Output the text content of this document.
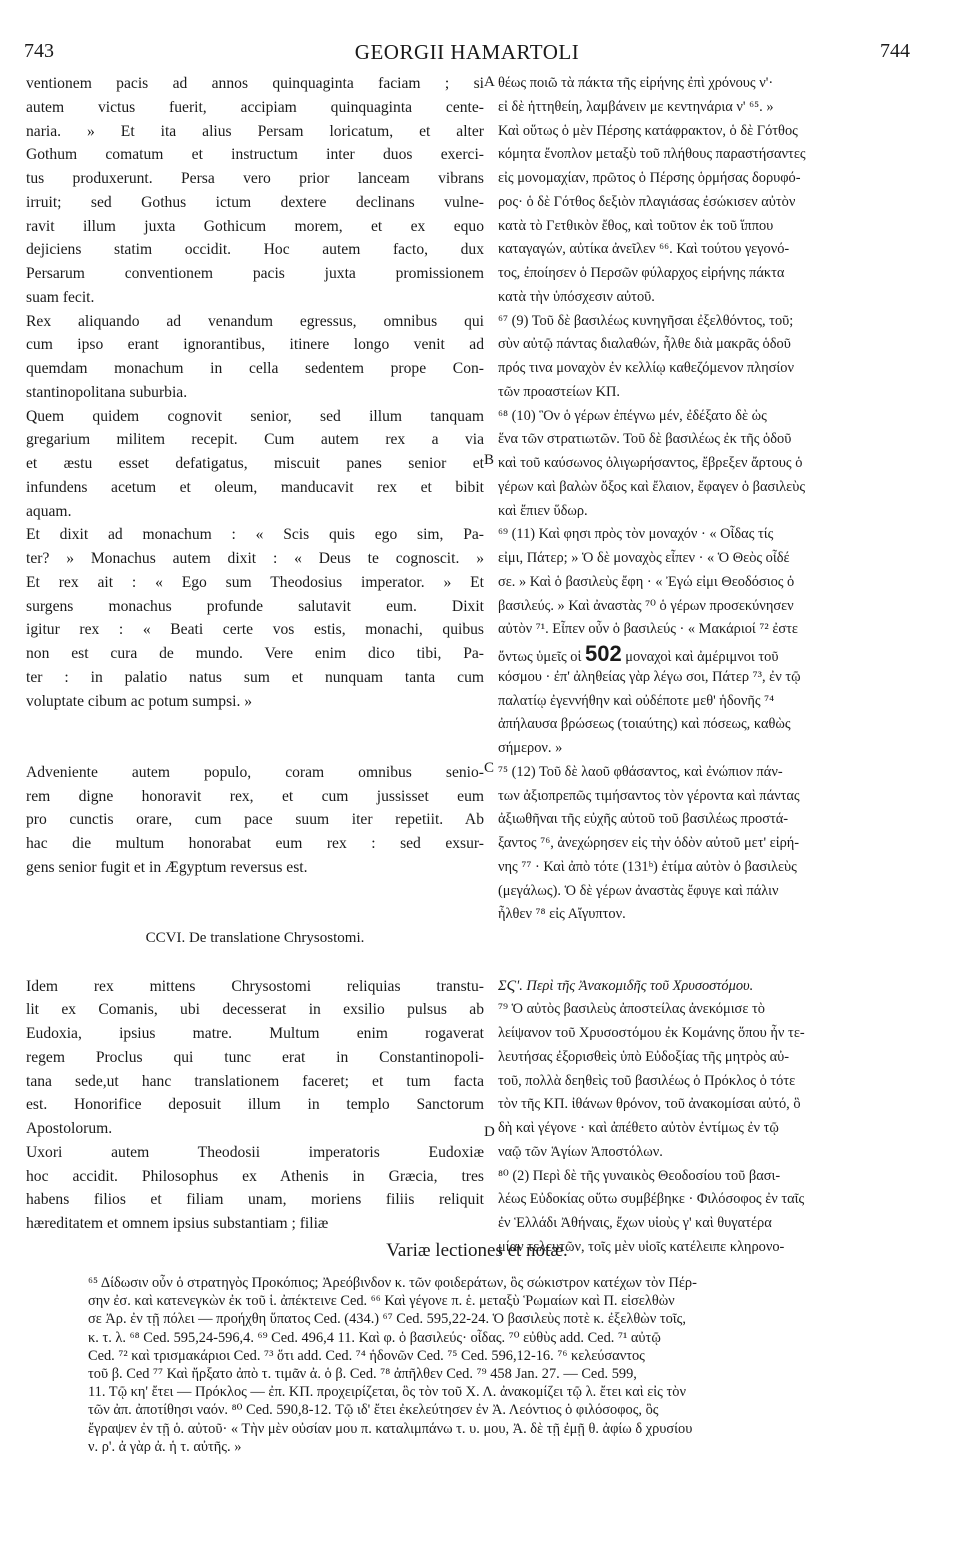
743	GEORGII HAMARTOLI	744
ventionem pacis ad annos quinquaginta faciam ; si
autem victus fuerit, accipiam quinquaginta cente-
naria. » Et ita alius Persam loricatum, et alter
Gothum comatum et instructum inter duos exerci-
tus produxerunt. Persa vero prior lanceam vibrans
irruit; sed Gothus ictum dextere declinans vulne-
ravit illum juxta Gothicum morem, et ex equo
dejiciens statim occidit. Hoc autem facto, dux
Persarum conventionem pacis juxta promissionem
suam fecit.
Rex aliquando ad venandum egressus, omnibus qui
cum ipso erant ignorantibus, itinere longo venit ad
quemdam monachum in cella sedentem prope Con-
stantinopolitana suburbia.
Quem quidem cognovit senior, sed illum tanquam
gregarium militem recepit. Cum autem rex a via
et æstu esset defatigatus, miscuit panes senior et
infundens acetum et oleum, manducavit rex et bibit
aquam.
Et dixit ad monachum : « Scis quis ego sim, Pa-
ter? » Monachus autem dixit : « Deus te cognoscit. »
Et rex ait : « Ego sum Theodosius imperator. » Et
surgens monachus profunde salutavit eum. Dixit
igitur rex : « Beati certe vos estis, monachi, quibus
non est cura de mundo. Vere enim dico tibi, Pa-
ter : in palatio natus sum et nunquam tanta cum
voluptate cibum ac potum sumpsi. »
Adveniente autem populo, coram omnibus senio-
rem digne honoravit rex, et cum jussisset eum
pro cunctis orare, cum pace suum iter repetiit. Ab
hac die multum honorabat eum rex : sed exsur-
gens senior fugit et in Ægyptum reversus est.
CCVI. De translatione Chrysostomi.
Idem rex mittens Chrysostomi reliquias transtu-
lit ex Comanis, ubi decesserat in exsilio pulsus ab
Eudoxia, ipsius matre. Multum enim rogaverat
regem Proclus qui tunc erat in Constantinopoli-
tana sede,ut hanc translationem faceret; et tum facta
est. Honorifice deposuit illum in templo Sanctorum
Apostolorum.
Uxori autem Theodosii imperatoris Eudoxiæ
hoc accidit. Philosophus ex Athenis in Græcia, tres
habens filios et filiam unam, moriens filiis reliquit
hæreditatem et omnem ipsius substantiam ; filiæ
θέως ποιῶ τὰ πάκτα τῆς εἰρήνης ἐπὶ χρόνους ν'·
εἰ δὲ ἡττηθείη, λαμβάνειν με κεντηνάρια ν' ⁶⁵. »
Καὶ οὕτως ὁ μὲν Πέρσης κατάφρακτον, ὁ δὲ Γότθος
κόμητα ἔνοπλον μεταξὺ τοῦ πλήθους παραστήσαντες
εἰς μονομαχίαν, πρῶτος ὁ Πέρσης ὁρμήσας δορυφό-
ρος· ὁ δὲ Γότθος δεξιὸν πλαγιάσας ἐσώκισεν αὐτὸν
κατὰ τὸ Γετθικὸν ἔθος, καὶ τοῦτον ἐκ τοῦ ἵππου
καταγαγών, αὐτίκα ἀνεῖλεν ⁶⁶. Καὶ τούτου γεγονό-
τος, ἐποίησεν ὁ Περσῶν φύλαρχος εἰρήνης πάκτα
κατὰ τὴν ὑπόσχεσιν αὐτοῦ.
⁶⁷ (9) Τοῦ δὲ βασιλέως κυνηγῆσαι ἐξελθόντος, τοῦ;
σὺν αὐτῷ πάντας διαλαθών, ἦλθε διὰ μακρᾶς ὁδοῦ
πρός τινα μοναχὸν ἐν κελλίῳ καθεζόμενον πλησίον
τῶν προαστείων ΚΠ.
⁶⁸ (10) Ὃν ὁ γέρων ἐπέγνω μέν, ἐδέξατο δὲ ὡς
ἕνα τῶν στρατιωτῶν. Τοῦ δὲ βασιλέως ἐκ τῆς ὁδοῦ
καὶ τοῦ καύσωνος ὀλιγωρήσαντος, ἔβρεξεν ἄρτους ὁ
γέρων καὶ βαλὼν ὄξος καὶ ἔλαιον, ἔφαγεν ὁ βασιλεὺς
καὶ ἔπιεν ὕδωρ.
⁶⁹ (11) Καὶ φησι πρὸς τὸν μοναχόν · « Οἶδας τίς
εἰμι, Πάτερ; » Ὁ δὲ μοναχὸς εἶπεν · « Ὁ Θεὸς οἶδέ
σε. » Καὶ ὁ βασιλεὺς ἔφη · « Ἐγώ εἰμι Θεοδόσιος ὁ
βασιλεύς. » Καὶ ἀναστὰς ⁷⁰ ὁ γέρων προσεκύνησεν
αὐτὸν ⁷¹. Εἶπεν οὖν ὁ βασιλεύς · « Μακάριοί ⁷² ἐστε
ὄντως ὑμεῖς οἱ 502 μοναχοὶ καὶ ἀμέριμνοι τοῦ
κόσμου · ἐπ' ἀληθείας γὰρ λέγω σοι, Πάτερ ⁷³, ἐν τῷ
παλατίῳ ἐγεννήθην καὶ οὐδέποτε μεθ' ἡδονῆς ⁷⁴
ἀπήλαυσα βρώσεως (τοιαύτης) καὶ πόσεως, καθὼς
σήμερον. »
⁷⁵ (12) Τοῦ δὲ λαοῦ φθάσαντος, καὶ ἐνώπιον πάν-
των ἀξιοπρεπῶς τιμήσαντος τὸν γέροντα καὶ πάντας
ἀξιωθῆναι τῆς εὐχῆς αὐτοῦ τοῦ βασιλέως προστά-
ξαντος ⁷⁶, ἀνεχώρησεν εἰς τὴν ὁδὸν αὐτοῦ μετ' εἰρή-
νης ⁷⁷ · Καὶ ἀπὸ τότε (131ᵇ) ἐτίμα αὐτὸν ὁ βασιλεὺς
(μεγάλως). Ὁ δὲ γέρων ἀναστὰς ἔφυγε καὶ πάλιν
ἦλθεν ⁷⁸ εἰς Αἴγυπτον.
ΣϚ'. Περὶ τῆς Ἀνακομιδῆς τοῦ Χρυσοστόμου.
⁷⁹ Ὁ αὐτὸς βασιλεὺς ἀποστείλας ἀνεκόμισε τὸ
λείψανον τοῦ Χρυσοστόμου ἐκ Κομάνης ὅπου ἦν τε-
λευτήσας ἐξορισθεὶς ὑπὸ Εὐδοξίας τῆς μητρὸς αὐ-
τοῦ, πολλὰ δεηθεὶς τοῦ βασιλέως ὁ Πρόκλος ὁ τότε
τὸν τῆς ΚΠ. ἰθάνων θρόνον, τοῦ ἀνακομίσαι αὐτό, ὃ
δὴ καὶ γέγονε · καὶ ἀπέθετο αὐτὸν ἐντίμως ἐν τῷ
ναῷ τῶν Ἁγίων Ἀποστόλων.
⁸⁰ (2) Περὶ δὲ τῆς γυναικὸς Θεοδοσίου τοῦ βασι-
λέως Εὐδοκίας οὕτω συμβέβηκε · Φιλόσοφος ἐν ταῖς
ἐν Ἑλλάδι Ἀθήναις, ἔχων υἱοὺς γ' καὶ θυγατέρα
μίαν τελευτῶν, τοῖς μὲν υἱοῖς κατέλειπε κληρονο-
A
B
C
D
Variæ lectiones et notæ.
⁶⁵ Δίδωσιν οὖν ὁ στρατηγὸς Προκόπιος; Ἀρεόβινδον κ. τῶν φοιδεράτων, ὃς σώκιστρον κατέχων τὸν Πέρ-
σην ἐσ. καὶ κατενεγκὼν ἐκ τοῦ ἱ. ἀπέκτεινε Ced. ⁶⁶ Καὶ γέγονε π. ἑ. μεταξὺ Ῥωμαίων καὶ Π. εἰσελθὼν
σε Ἀρ. ἐν τῇ πόλει — προήχθη ὕπατος Ced. (434.) ⁶⁷ Ced. 595,22-24. Ὁ βασιλεὺς ποτὲ κ. ἐξελθὼν τοῖς,
κ. τ. λ. ⁶⁸ Ced. 595,24-596,4. ⁶⁹ Ced. 496,4 11. Καὶ φ. ὁ βασιλεύς· οἶδας. ⁷⁰ εὐθὺς add. Ced. ⁷¹ αὐτῷ
Ced. ⁷² καὶ τρισμακάριοι Ced. ⁷³ ὅτι add. Ced. ⁷⁴ ἡδονῶν Ced. ⁷⁵ Ced. 596,12-16. ⁷⁶ κελεύσαντος
τοῦ β. Ced ⁷⁷ Καὶ ἤρξατο ἀπὸ τ. τιμᾶν ἀ. ὁ β. Ced. ⁷⁸ ἀπῆλθεν Ced. ⁷⁹ 458 Jan. 27. — Ced. 599,
11. Τῷ κη' ἔτει — Πρόκλος — ἐπ. ΚΠ. προχειρίζεται, ὃς τὸν τοῦ Χ. Λ. ἀνακομίζει τῷ λ. ἔτει καὶ εἰς τὸν
τῶν ἀπ. ἀποτίθησι ναόν. ⁸⁰ Ced. 590,8-12. Τῷ ιδ' ἔτει ἐκελεύτησεν ἐν Ἀ. Λεόντιος ὁ φιλόσοφος, ὃς
ἔγραψεν ἐν τῇ ὁ. αὐτοῦ· « Τὴν μὲν οὐσίαν μου π. καταλιμπάνω τ. υ. μου, Ἀ. δὲ τῇ ἐμῇ θ. ἀφίω δ χρυσίου
ν. ρ'. ἀ γὰρ ἀ. ἡ τ. αὐτῆς. »
